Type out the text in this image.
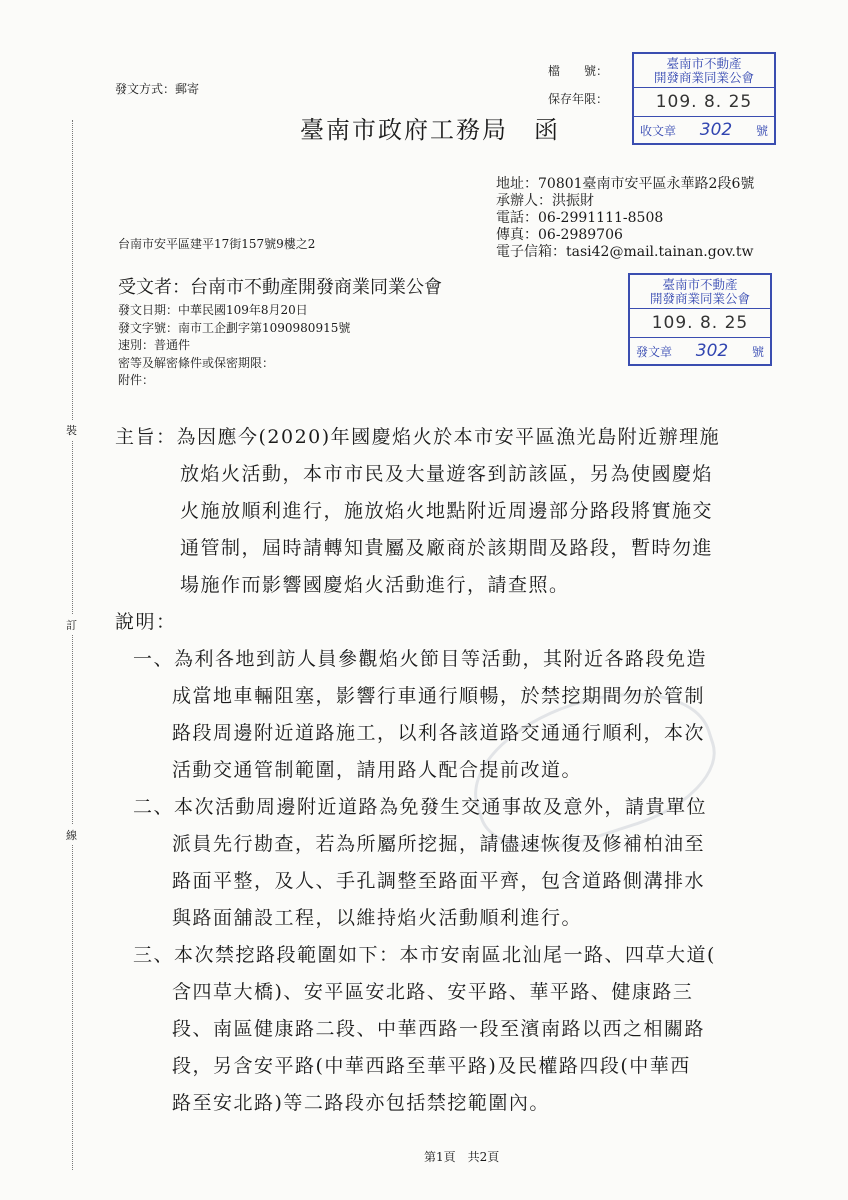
裝
訂
線
發文方式：郵寄
檔　　號：
保存年限：
臺南市政府工務局　函
地址：70801臺南市安平區永華路2段6號
承辦人：洪振財
電話：06-2991111-8508
傳真：06-2989706
電子信箱：tasi42@mail.tainan.gov.tw
台南市安平區建平17街157號9樓之2
受文者：台南市不動產開發商業同業公會
發文日期：中華民國109年8月20日
發文字號：南市工企劃字第1090980915號
速別：普通件
密等及解密條件或保密期限：
附件：
臺南市不動產
開發商業同業公會
109. 8. 25
收文章 302 號
臺南市不動產
開發商業同業公會
109. 8. 25
發文章 302 號
主旨：為因應今(2020)年國慶焰火於本市安平區漁光島附近辦理施
放焰火活動，本市市民及大量遊客到訪該區，另為使國慶焰
火施放順利進行，施放焰火地點附近周邊部分路段將實施交
通管制，屆時請轉知貴屬及廠商於該期間及路段，暫時勿進
場施作而影響國慶焰火活動進行，請查照。
說明：
一、為利各地到訪人員參觀焰火節目等活動，其附近各路段免造
成當地車輛阻塞，影響行車通行順暢，於禁挖期間勿於管制
路段周邊附近道路施工，以利各該道路交通通行順利，本次
活動交通管制範圍，請用路人配合提前改道。
二、本次活動周邊附近道路為免發生交通事故及意外，請貴單位
派員先行勘查，若為所屬所挖掘，請儘速恢復及修補柏油至
路面平整，及人、手孔調整至路面平齊，包含道路側溝排水
與路面舖設工程，以維持焰火活動順利進行。
三、本次禁挖路段範圍如下：本市安南區北汕尾一路、四草大道(
含四草大橋)、安平區安北路、安平路、華平路、健康路三
段、南區健康路二段、中華西路一段至濱南路以西之相關路
段，另含安平路(中華西路至華平路)及民權路四段(中華西
路至安北路)等二路段亦包括禁挖範圍內。
第1頁　共2頁
